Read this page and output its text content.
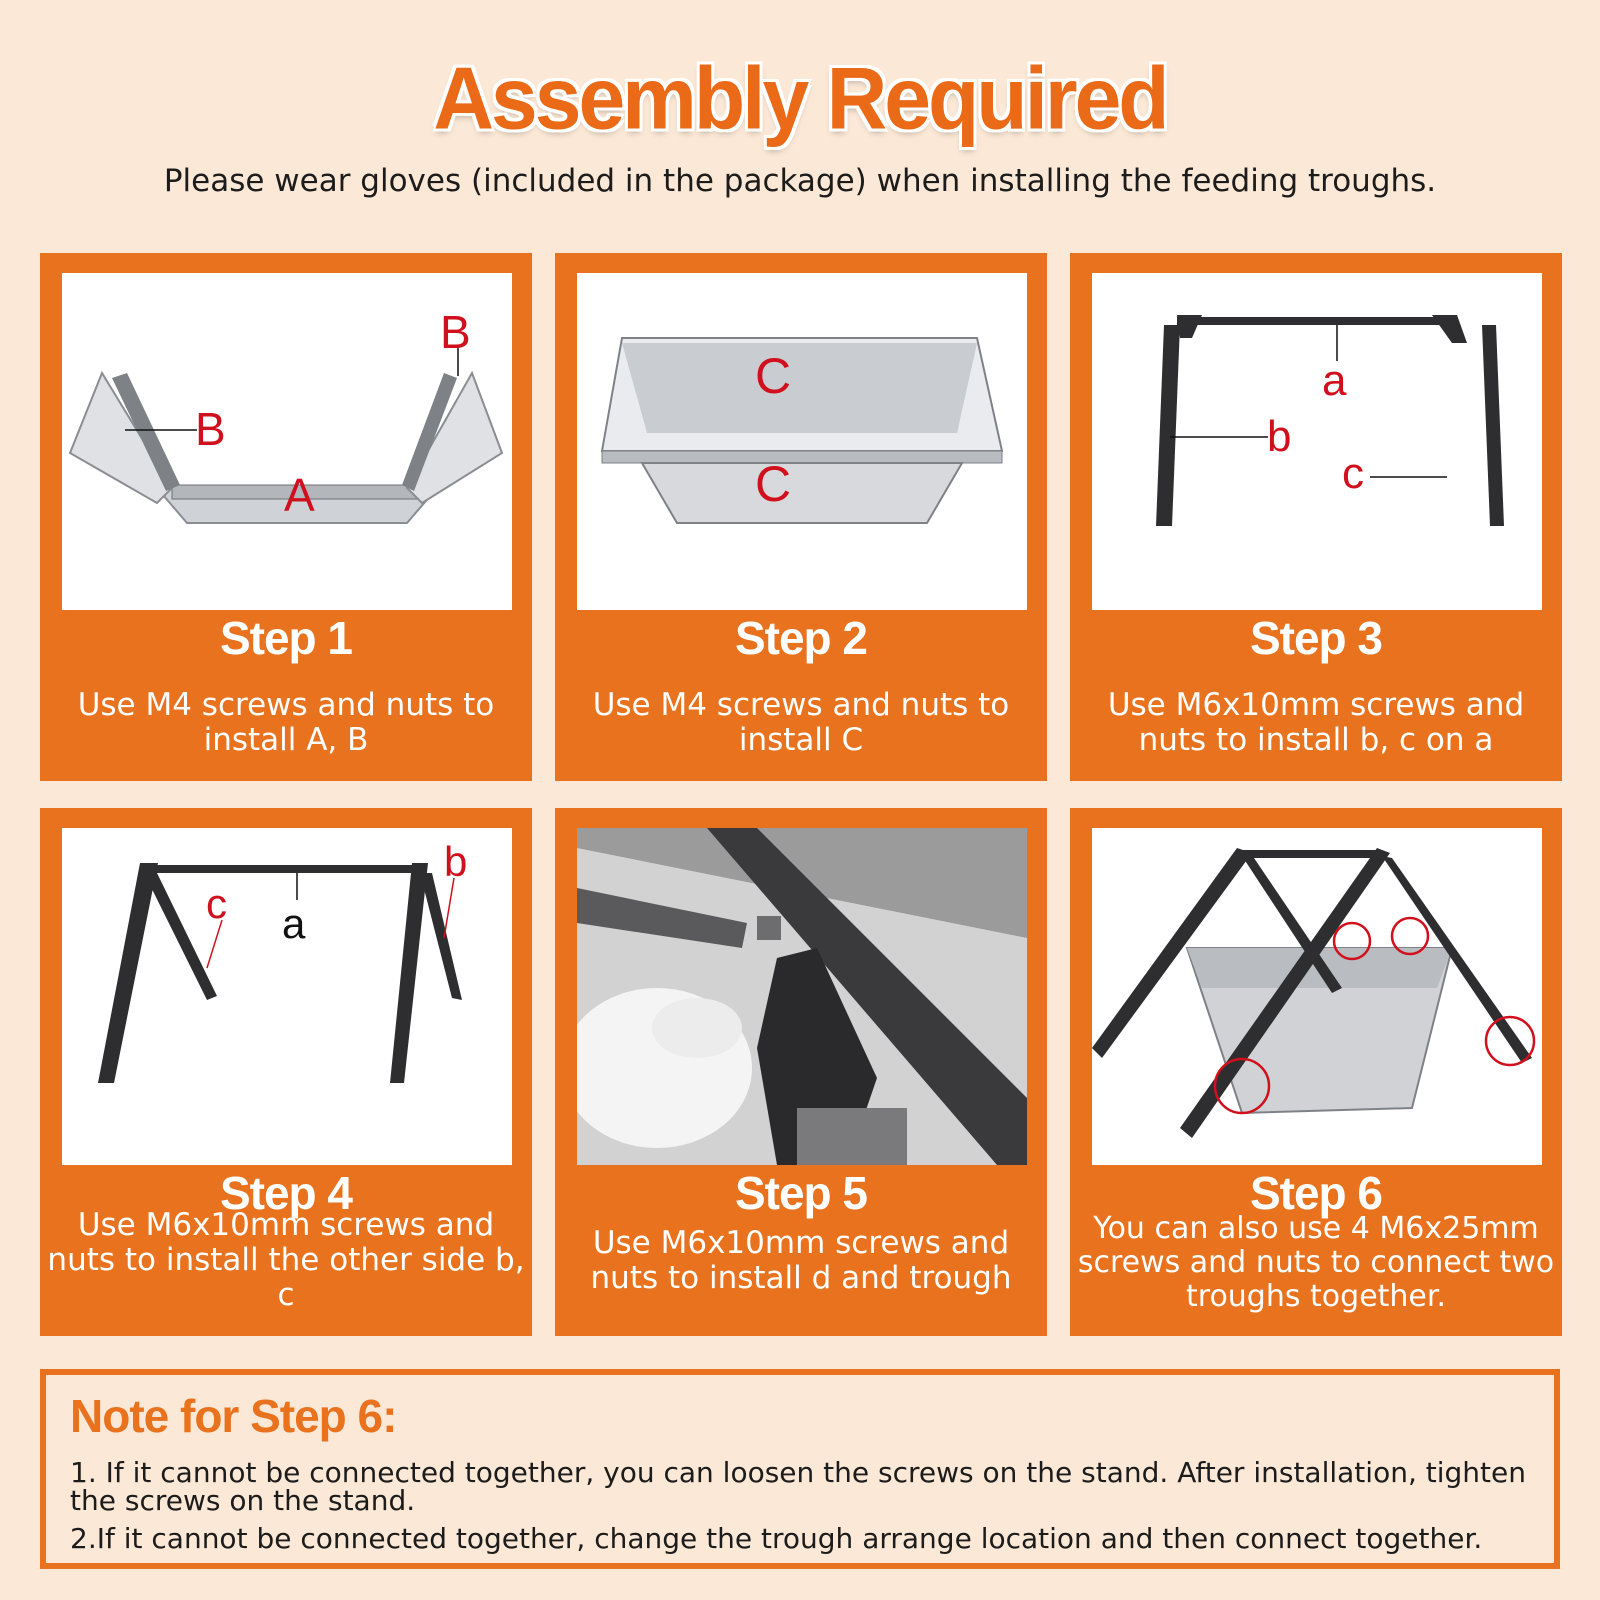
Assembly Required
Please wear gloves (included in the package) when installing the feeding troughs.
B
B
A
Step 1
Use M4 screws and nuts to install A, B
C
C
Step 2
Use M4 screws and nuts to install C
a
b
c
Step 3
Use M6x10mm screws and nuts to install b, c on a
b
c a
Step 4
Use M6x10mm screws and nuts to install the other side b, c
Step 5
Use M6x10mm screws and nuts to install d and trough
Step 6
You can also use 4 M6x25mm screws and nuts to connect two troughs together.
Note for Step 6:
1. If it cannot be connected together, you can loosen the screws on the stand. After installation, tighten the screws on the stand.
2.If it cannot be connected together, change the trough arrange location and then connect together.
